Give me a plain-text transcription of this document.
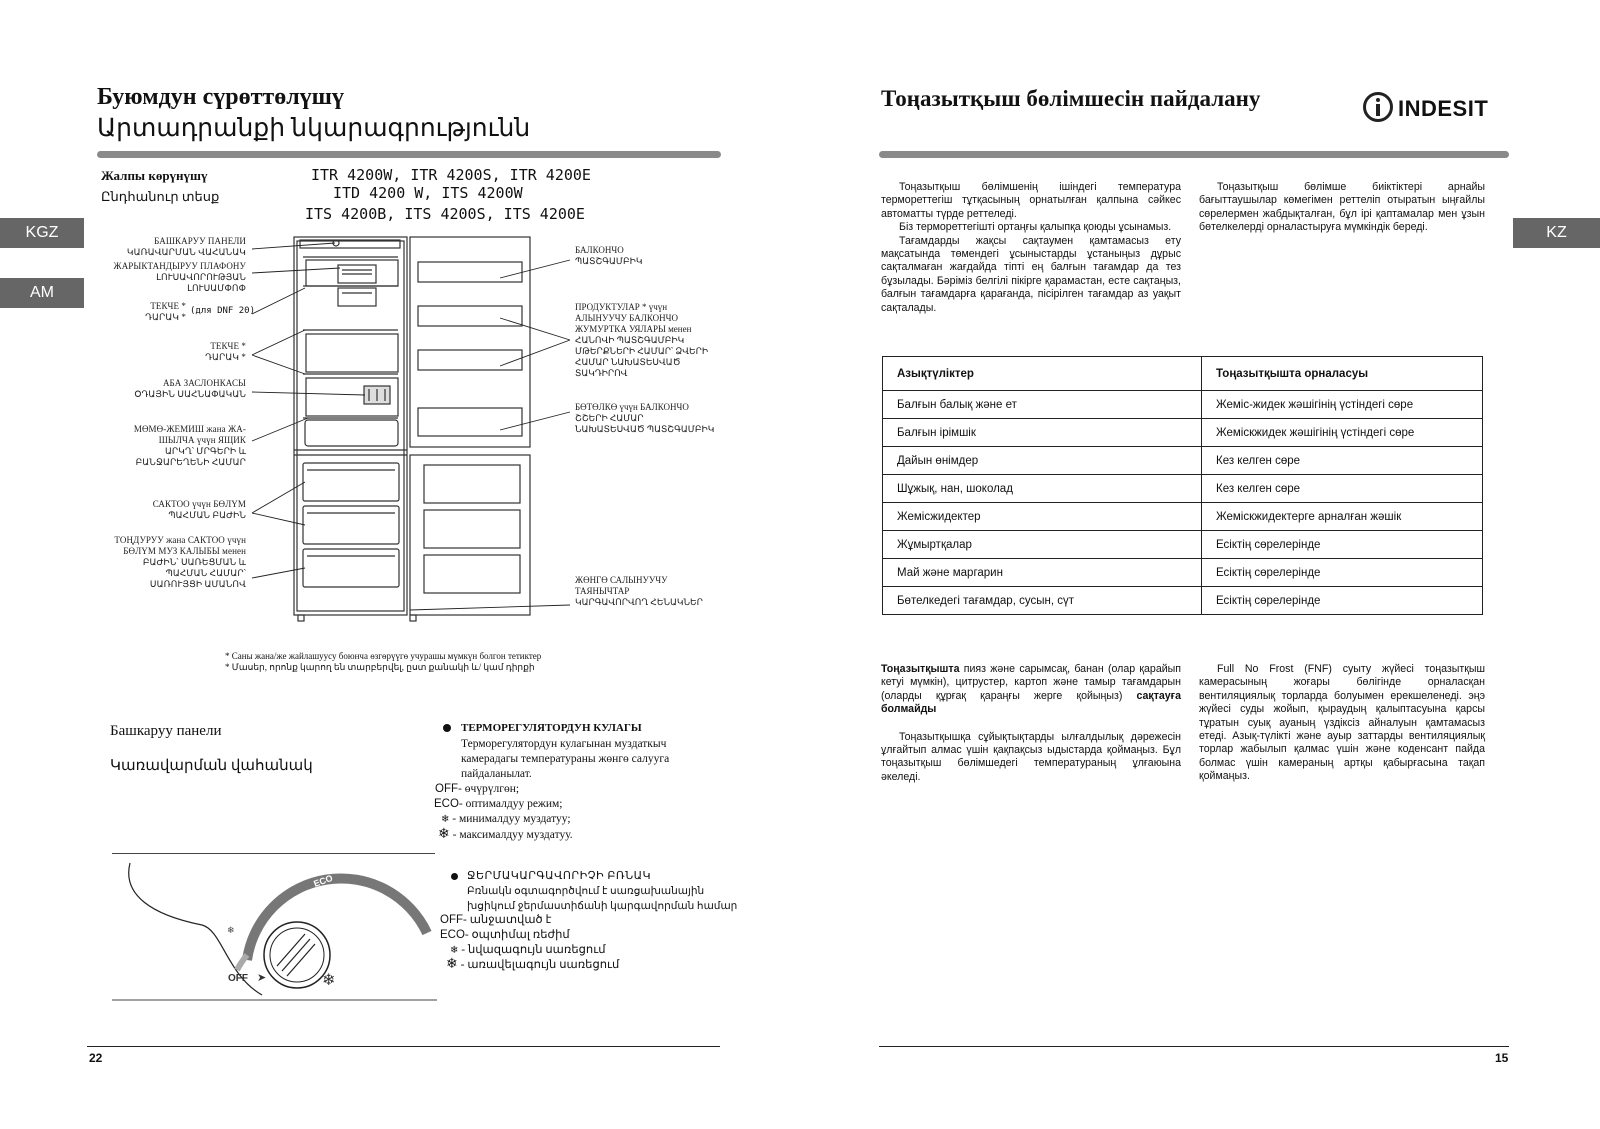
Буюмдун сүрөттөлүшү
Արտադրանքի նկարագրությունն
KGZ
AM
Жалпы көрүнүшү
Ընդհանուր տեսք
ITR 4200W, ITR 4200S, ITR 4200E
ITD 4200 W, ITS 4200W
ITS 4200B, ITS 4200S, ITS 4200E
БАШКАРУУ ПАНЕЛИ
ԿԱՌԱՎԱՐՄԱՆ ՎԱՀԱՆԱԿ
ЖАРЫКТАНДЫРУУ ПЛАФОНУ
ԼՈՒՍԱՎՈՐՈՒԹՅԱՆ ԼՈՒՍԱՄՓՈՓ
ТЕКЧЕ *
ԴԱՐԱԿ *
(для DNF 20)
ТЕКЧЕ *
ԴԱՐԱԿ *
АБА ЗАСЛОНКАСЫ
ՕԴԱՅԻՆ ՍԱՀՆԱՓԱԿԱՆ
МӨМӨ-ЖЕМИШ жана ЖА-ШЫЛЧА үчүн ЯЩИК
ԱՐԿՂ՝ ՄՐԳԵՐԻ և ԲԱՆՋԱՐԵՂԵՆԻ ՀԱՄԱՐ
САКТОО үчүн БӨЛҮМ
ՊԱՀՄԱՆ ԲԱԺԻՆ
ТОҢДУРУУ жана САКТОО үчүн БӨЛҮМ МУЗ КАЛЫБЫ менен
ԲԱԺԻՆ՝ ՍԱՌԵՑՄԱՆ և ՊԱՀՄԱՆ ՀԱՄԱՐ՝ ՍԱՌՈՒՅՑԻ ԱՄԱՆՈՎ
БАЛКОНЧО
ՊԱՏՇԳԱՄԲԻԿ
ПРОДУКТУЛАР * үчүн АЛЫНУУЧУ БАЛКОНЧО ЖУМУРТКА УЯЛАРЫ менен
ՀԱՆՈՎԻ ՊԱՏՇԳԱՄԲԻԿ ՄԹԵՐՔՆԵՐԻ ՀԱՄԱՐ՝ ՁՎԵՐԻ ՀԱՄԱՐ ՆԱԽԱՏԵՍՎԱԾ ՏԱԿԴԻՐՈՎ
БӨТӨЛКӨ үчүн БАЛКОНЧО
ՇՇԵՐԻ ՀԱՄԱՐ ՆԱԽԱՏԵՍՎԱԾ ՊԱՏՇԳԱՄԲԻԿ
ЖӨНГӨ САЛЫНУУЧУ ТАЯНЫЧТАР
ԿԱՐԳԱՎՈՐՎՈՂ ՀԵՆԱԿՆԵՐ
* Саны жана/же жайлашуусу боюнча өзгөрүүгө учурашы мүмкүн болгон тетиктер
* Մասեր, որոնք կարող են տարբերվել, ըստ քանակի և/ կամ դիրքի
Башкаруу панели
Կառավարման վահանակ
ТЕРМОРЕГУЛЯТОРДУН КУЛАГЫ
Терморегулятордун кулагынан муздаткыч
камерадагы температураны жөнгө салууга
пайдаланылат.
OFF- өчүрүлгөн;
ECO- оптималдуу режим;
❄ - минималдуу муздатуу;
❄ - максималдуу муздатуу.
❄
ECO
OFF ➤	❄
ՋԵՐՄԱԿԱՐԳԱՎՈՐԻՉԻ ԲՌՆԱԿ
Բռնակն օգտագործվում է սառցախանային
խցիկում ջերմաստիճանի կարգավորման համար
OFF- անջատված է
ECO- օպտիմալ ռեժիմ
❄ - նվազագույն սառեցում
❄ - առավելագույն սառեցում
22
Тоңазытқыш бөлімшесін пайдалану	INDESIT
KZ

Тоңазытқыш бөлімшенің ішіндегі температура термореттегіш тұтқасының орнатылған қалпына сәйкес автоматты түрде реттеледі.

Біз термореттегішті ортаңғы қалыпқа қоюды ұсынамыз.

Тағамдарды жақсы сақтаумен қамтамасыз ету мақсатында төмендегі ұсыныстарды ұстаныңыз дұрыс сақталмаған жағдайда тіпті ең балғын тағамдар да тез бұзылады. Бәріміз белгілі пікірге қарамастан, есте сақтаңыз, балғын тағамдарға қарағанда, пісірілген тағамдар аз уақыт сақталады.

Тоңазытқыш бөлімше биіктіктері арнайы бағыттаушылар көмегімен реттеліп отыратын ыңғайлы сөрелермен жабдықталған, бұл ірі қаптамалар мен ұзын бөтелкелерді орналастыруға мүмкіндік береді.

Азықтүліктер	Тоңазытқышта орналасуы
Балғын балық және ет	Жеміс-жидек жәшігінің үстіндегі сөре
Балғын ірімшік	Жеміскжидек жәшігінің үстіндегі сөре
Дайын өнімдер	Кез келген сөре
Шұжық, нан, шоколад	Кез келген сөре
Жемісжидектер	Жеміскжидектерге арналған жәшік
Жұмыртқалар	Есіктің сөрелерінде
Май және маргарин	Есіктің сөрелерінде
Бөтелкедегі тағамдар, сусын, сүт	Есіктің сөрелерінде

Тоңазытқышта пияз және сарымсақ, банан (олар қарайып кетуі мүмкін), цитрустер, картоп және тамыр тағамдарын (оларды құрғақ қараңғы жерге қойыңыз) сақтауға болмайды

Тоңазытқышқа сұйықтықтарды ылғалдылық дәрежесін ұлғайтып алмас үшін қақпақсыз ыдыстарда қоймаңыз. Бұл тоңазытқыш бөлімшедегі температураның ұлғаюына әкеледі.

Full No Frost (FNF) суыту жүйесі тоңазытқыш камерасының жоғары бөлігінде орналасқан вентиляциялық торларда болуымен ерекшеленеді. эңэ жүйесі суды жойып, қыраудың қалыптасуына қарсы тұратын суық ауаның үздіксіз айналуын қамтамасыз етеді. Азық-түлікті және ауыр заттарды вентиляциялық торлар жабылып қалмас үшін және коденсант пайда болмас үшін камераның артқы қабырғасына тақап қоймаңыз.

15
